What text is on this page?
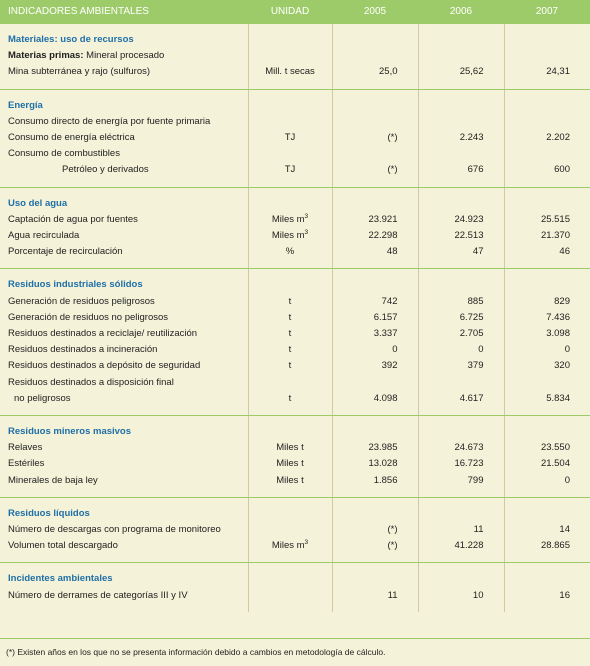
INDICADORES AMBIENTALES	UNIDAD	2005	2006	2007

Materiales: uso de recursos				
Materias primas: Mineral procesado				
Mina subterránea y rajo (sulfuros)	Mill. t secas	25,0	25,62	24,31

Energía				
Consumo directo de energía por fuente primaria				
Consumo de energía eléctrica	TJ	(*)	2.243	2.202
Consumo de combustibles				
Petróleo y derivados	TJ	(*)	676	600

Uso del agua				
Captación de agua por fuentes	Miles $m^3$	23.921	24.923	25.515
Agua recirculada	Miles $m^3$	22.298	22.513	21.370
Porcentaje de recirculación	%	48	47	46

Residuos industriales sólidos				
Generación de residuos peligrosos	t	742	885	829
Generación de residuos no peligrosos	t	6.157	6.725	7.436
Residuos destinados a reciclaje/ reutilización	t	3.337	2.705	3.098
Residuos destinados a incineración	t	0	0	0
Residuos destinados a depósito de seguridad	t	392	379	320
Residuos destinados a disposición final				
no peligrosos	t	4.098	4.617	5.834

Residuos mineros masivos				
Relaves	Miles t	23.985	24.673	23.550
Estériles	Miles t	13.028	16.723	21.504
Minerales de baja ley	Miles t	1.856	799	0

Residuos líquidos				
Número de descargas con programa de monitoreo		(*)	11	14
Volumen total descargado	Miles $m^3$	(*)	41.228	28.865

Incidentes ambientales				
Número de derrames de categorías III y IV		11	10	16

(*) Existen años en los que no se presenta información debido a cambios en metodología de cálculo.
